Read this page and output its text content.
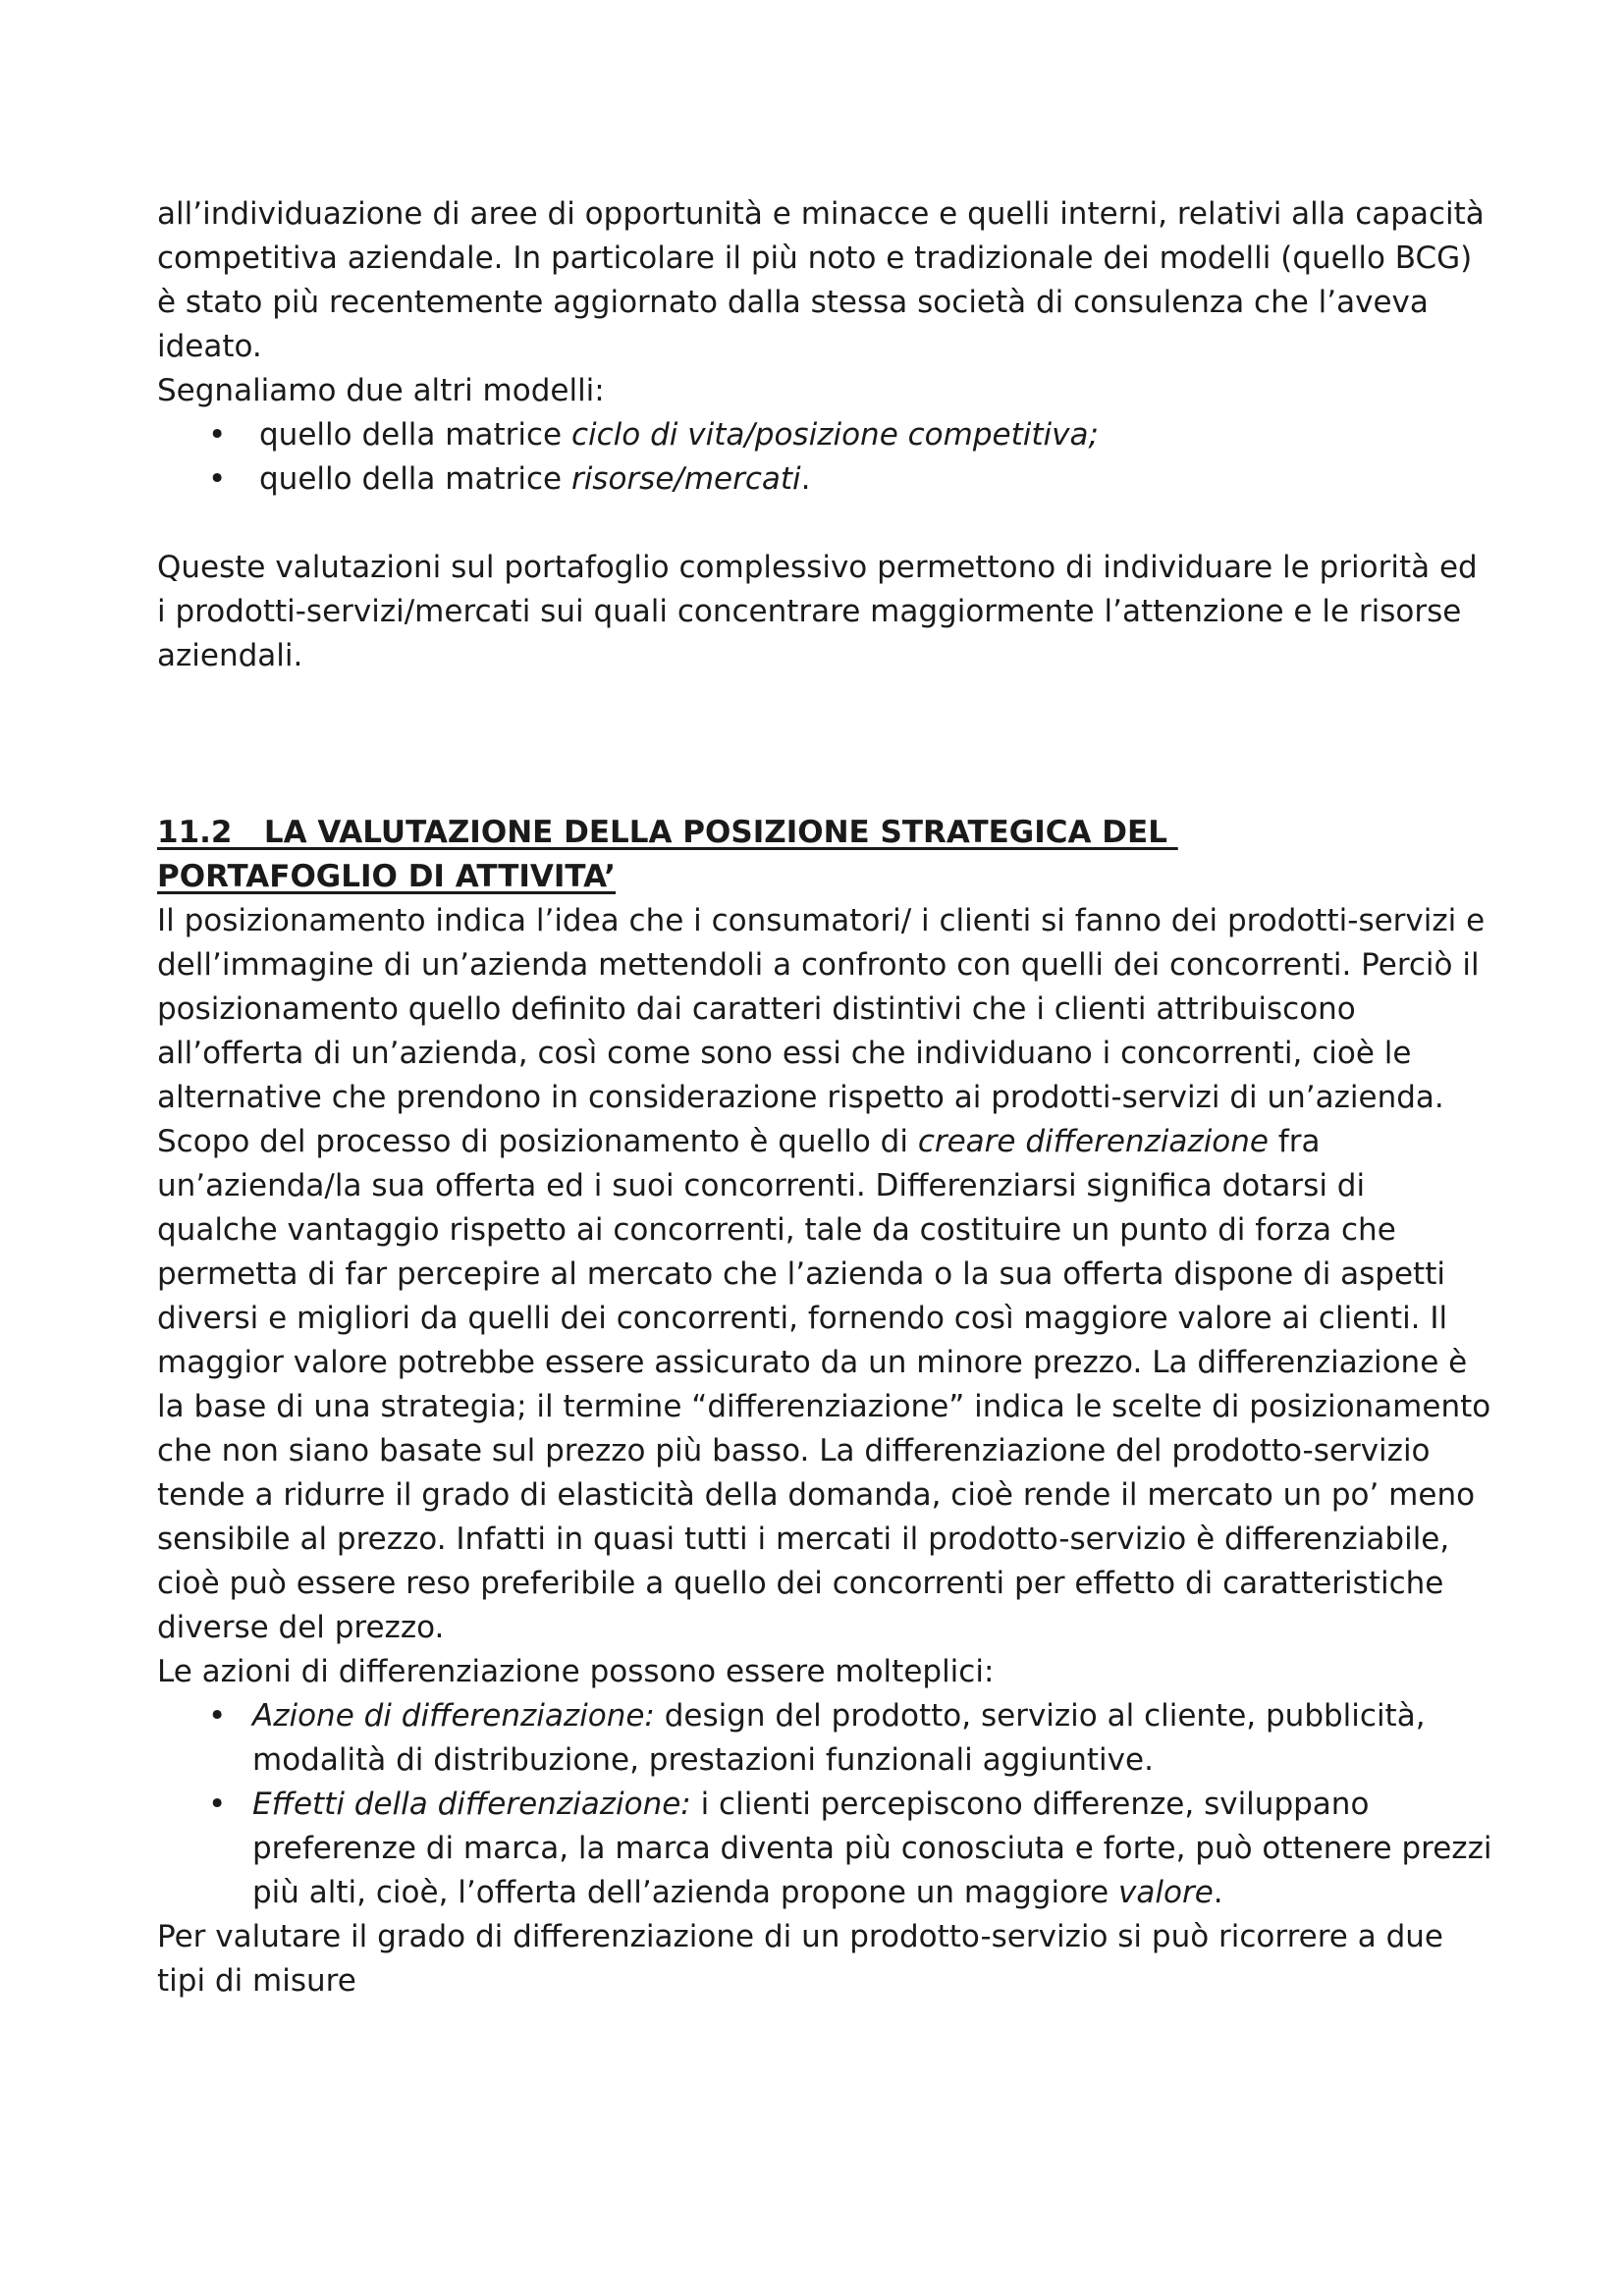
all’individuazione di aree di opportunità e minacce e quelli interni, relativi alla capacità competitiva aziendale. In particolare il più noto e tradizionale dei modelli (quello BCG) è stato più recentemente aggiornato dalla stessa società di consulenza che l’aveva ideato.

Segnaliamo due altri modelli:

• quello della matrice ciclo di vita/posizione competitiva;
• quello della matrice risorse/mercati.

Queste valutazioni sul portafoglio complessivo permettono di individuare le priorità ed i prodotti-servizi/mercati sui quali concentrare maggiormente l’attenzione e le risorse aziendali.

11.2   LA VALUTAZIONE DELLA POSIZIONE STRATEGICA DEL
PORTAFOGLIO DI ATTIVITA’

Il posizionamento indica l’idea che i consumatori/ i clienti si fanno dei prodotti-servizi e dell’immagine di un’azienda mettendoli a confronto con quelli dei concorrenti. Perciò il posizionamento quello definito dai caratteri distintivi che i clienti attribuiscono all’offerta di un’azienda, così come sono essi che individuano i concorrenti, cioè le alternative che prendono in considerazione rispetto ai prodotti-servizi di un’azienda.

Scopo del processo di posizionamento è quello di creare differenziazione fra un’azienda/la sua offerta ed i suoi concorrenti. Differenziarsi significa dotarsi di qualche vantaggio rispetto ai concorrenti, tale da costituire un punto di forza che permetta di far percepire al mercato che l’azienda o la sua offerta dispone di aspetti diversi e migliori da quelli dei concorrenti, fornendo così maggiore valore ai clienti. Il maggior valore potrebbe essere assicurato da un minore prezzo. La differenziazione è la base di una strategia; il termine “differenziazione” indica le scelte di posizionamento che non siano basate sul prezzo più basso. La differenziazione del prodotto-servizio tende a ridurre il grado di elasticità della domanda, cioè rende il mercato un po’ meno sensibile al prezzo. Infatti in quasi tutti i mercati il prodotto-servizio è differenziabile, cioè può essere reso preferibile a quello dei concorrenti per effetto di caratteristiche diverse del prezzo.

Le azioni di differenziazione possono essere molteplici:

• Azione di differenziazione: design del prodotto, servizio al cliente, pubblicità, modalità di distribuzione, prestazioni funzionali aggiuntive.
• Effetti della differenziazione: i clienti percepiscono differenze, sviluppano preferenze di marca, la marca diventa più conosciuta e forte, può ottenere prezzi più alti, cioè, l’offerta dell’azienda propone un maggiore valore.

Per valutare il grado di differenziazione di un prodotto-servizio si può ricorrere a due tipi di misure
